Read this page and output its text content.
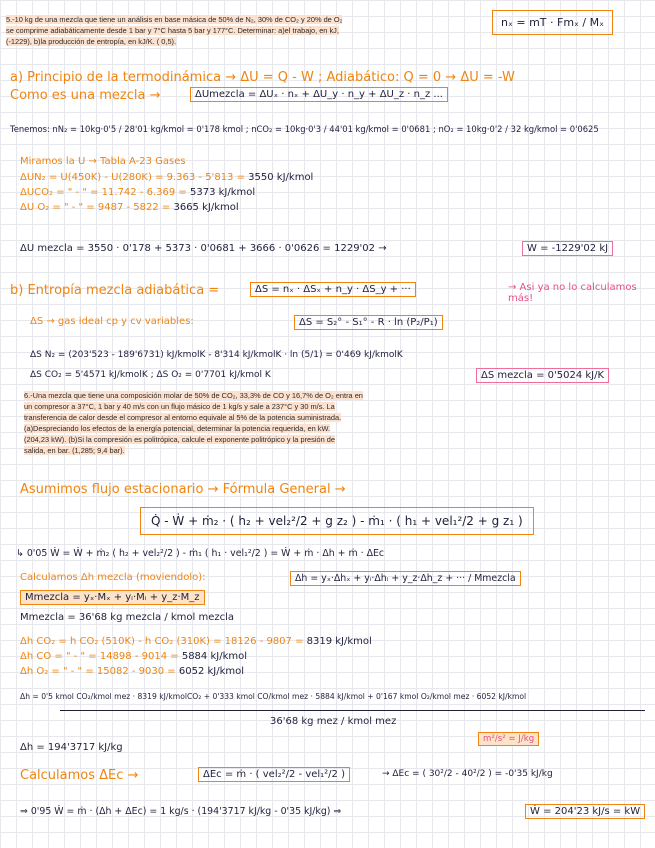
5.-10 kg de una mezcla que tiene un análisis en base másica de 50% de N₂, 30% de CO₂ y 20% de O₂
se comprime adiabáticamente desde 1 bar y 7°C hasta 5 bar y 177°C. Determinar: a)el trabajo, en kJ,
(-1229), b)la producción de entropía, en kJ/K. ( 0,5).
nₓ = mT · Fmₓ / Mₓ
a) Principio de la termodinámica → ΔU = Q - W ; Adiabático: Q = 0 → ΔU = -W
Como es una mezcla →	ΔUmezcla = ΔUₓ · nₓ + ΔU_y · n_y + ΔU_z · n_z ...
Tenemos: nN₂ = 10kg·0'5 / 28'01 kg/kmol = 0'178 kmol ; nCO₂ = 10kg·0'3 / 44'01 kg/kmol = 0'0681 ; nO₂ = 10kg·0'2 / 32 kg/kmol = 0'0625
Miramos la U → Tabla A-23 Gases
ΔUN₂ = U(450K) - U(280K) = 9.363 - 5'813 = 3550 kJ/kmol
ΔUCO₂ = " - " = 11.742 - 6.369 = 5373 kJ/kmol
ΔU O₂ = " - " = 9487 - 5822 = 3665 kJ/kmol
ΔU mezcla = 3550 · 0'178 + 5373 · 0'0681 + 3666 · 0'0626 = 1229'02 →	W = -1229'02 kJ
b) Entropía mezcla adiabática =	ΔS = nₓ · ΔSₓ + n_y · ΔS_y + ···	→ Asi ya no lo calculamos más!
ΔS → gas ideal cp y cv variables:	ΔS = S₂° - S₁° - R · ln (P₂/P₁)
ΔS N₂ = (203'523 - 189'6731) kJ/kmolK - 8'314 kJ/kmolK · ln (5/1) = 0'469 kJ/kmolK
ΔS CO₂ = 5'4571 kJ/kmolK ; ΔS O₂ = 0'7701 kJ/kmol K	ΔS mezcla = 0'5024 kJ/K
6.-Una mezcla que tiene una composición molar de 50% de CO₂, 33,3% de CO y 16,7% de O₂ entra en
un compresor a 37°C, 1 bar y 40 m/s con un flujo másico de 1 kg/s y sale a 237°C y 30 m/s. La
transferencia de calor desde el compresor al entorno equivale al 5% de la potencia suministrada.
(a)Despreciando los efectos de la energía potencial, determinar la potencia requerida, en kW.
(204,23 kW). (b)Si la compresión es politrópica, calcule el exponente politrópico y la presión de
salida, en bar. (1,285; 9,4 bar).
Asumimos flujo estacionario → Fórmula General →
Q̇ - Ẇ + ṁ₂ · ( h₂ + vel₂²/2 + g z₂ ) - ṁ₁ · ( h₁ + vel₁²/2 + g z₁ )
↳ 0'05 Ẇ = Ẇ + ṁ₂ ( h₂ + vel₂²/2 ) - ṁ₁ ( h₁ · vel₁²/2 ) = Ẇ + ṁ · Δh + ṁ · ΔEc
Calculamos Δh mezcla (moviendolo):	Δh = yₓ·Δhₓ + yᵢ·Δhᵢ + y_z·Δh_z + ··· / Mmezcla
Mmezcla = yₓ·Mₓ + yᵢ·Mᵢ + y_z·M_z
Mmezcla = 36'68 kg mezcla / kmol mezcla
Δh CO₂ = h CO₂ (510K) - h CO₂ (310K) = 18126 - 9807 = 8319 kJ/kmol
Δh CO = " - " = 14898 - 9014 = 5884 kJ/kmol
Δh O₂ = " - " = 15082 - 9030 = 6052 kJ/kmol
Δh = 0'5 kmol CO₂/kmol mez · 8319 kJ/kmolCO₂ + 0'333 kmol CO/kmol mez · 5884 kJ/kmol + 0'167 kmol O₂/kmol mez · 6052 kJ/kmol
36'68 kg mez / kmol mez
Δh = 194'3717 kJ/kg
m²/s² = J/kg
Calculamos ΔEc →	ΔEc = ṁ · ( vel₂²/2 - vel₁²/2 )	→ ΔEc = ( 30²/2 - 40²/2 ) = -0'35 kJ/kg
⇒ 0'95 Ẇ = ṁ · (Δh + ΔEc) = 1 kg/s · (194'3717 kJ/kg - 0'35 kJ/kg) ⇒	Ẇ = 204'23 kJ/s = kW
